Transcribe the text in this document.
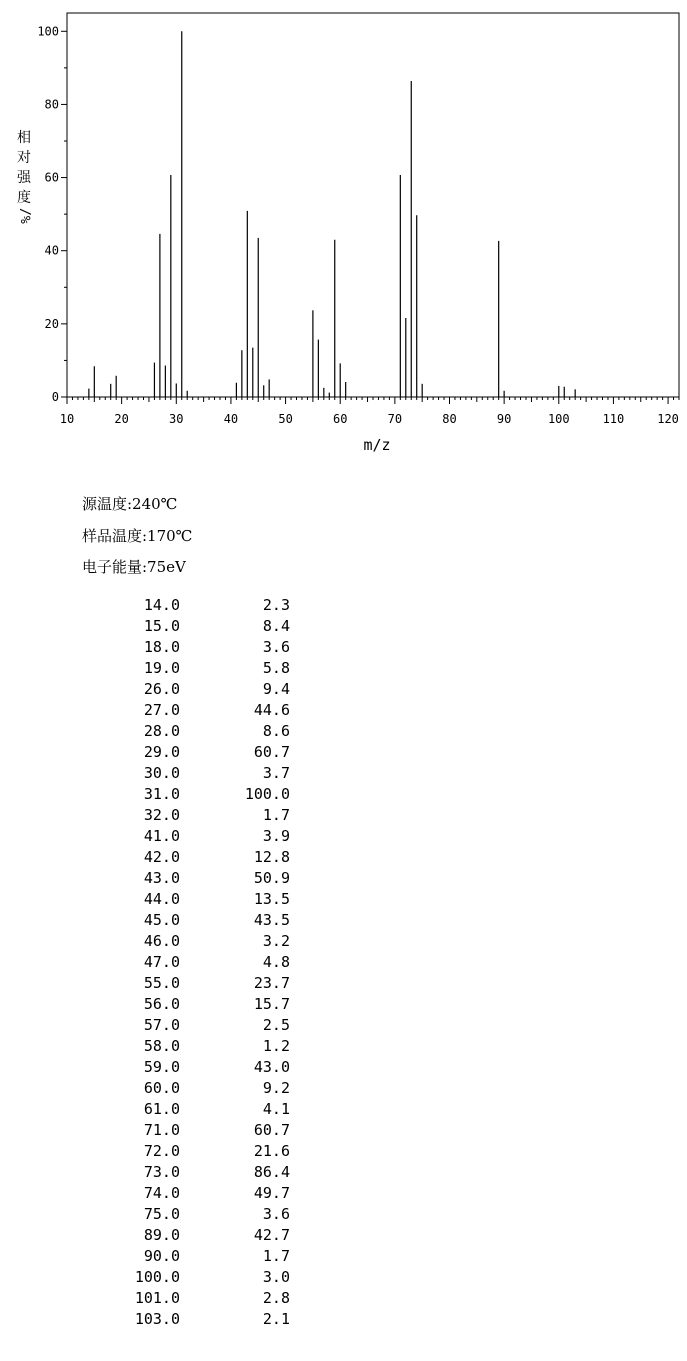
0
20
40
60
80
100
10	20	30	40	50	60	70	80	90	100	110	120
m/z
相
对
强
度
/%
源温度:240℃
样品温度:170℃
电子能量:75eV
14.0	2.3
15.0	8.4
18.0	3.6
19.0	5.8
26.0	9.4
27.0	44.6
28.0	8.6
29.0	60.7
30.0	3.7
31.0	100.0
32.0	1.7
41.0	3.9
42.0	12.8
43.0	50.9
44.0	13.5
45.0	43.5
46.0	3.2
47.0	4.8
55.0	23.7
56.0	15.7
57.0	2.5
58.0	1.2
59.0	43.0
60.0	9.2
61.0	4.1
71.0	60.7
72.0	21.6
73.0	86.4
74.0	49.7
75.0	3.6
89.0	42.7
90.0	1.7
100.0	3.0
101.0	2.8
103.0	2.1
